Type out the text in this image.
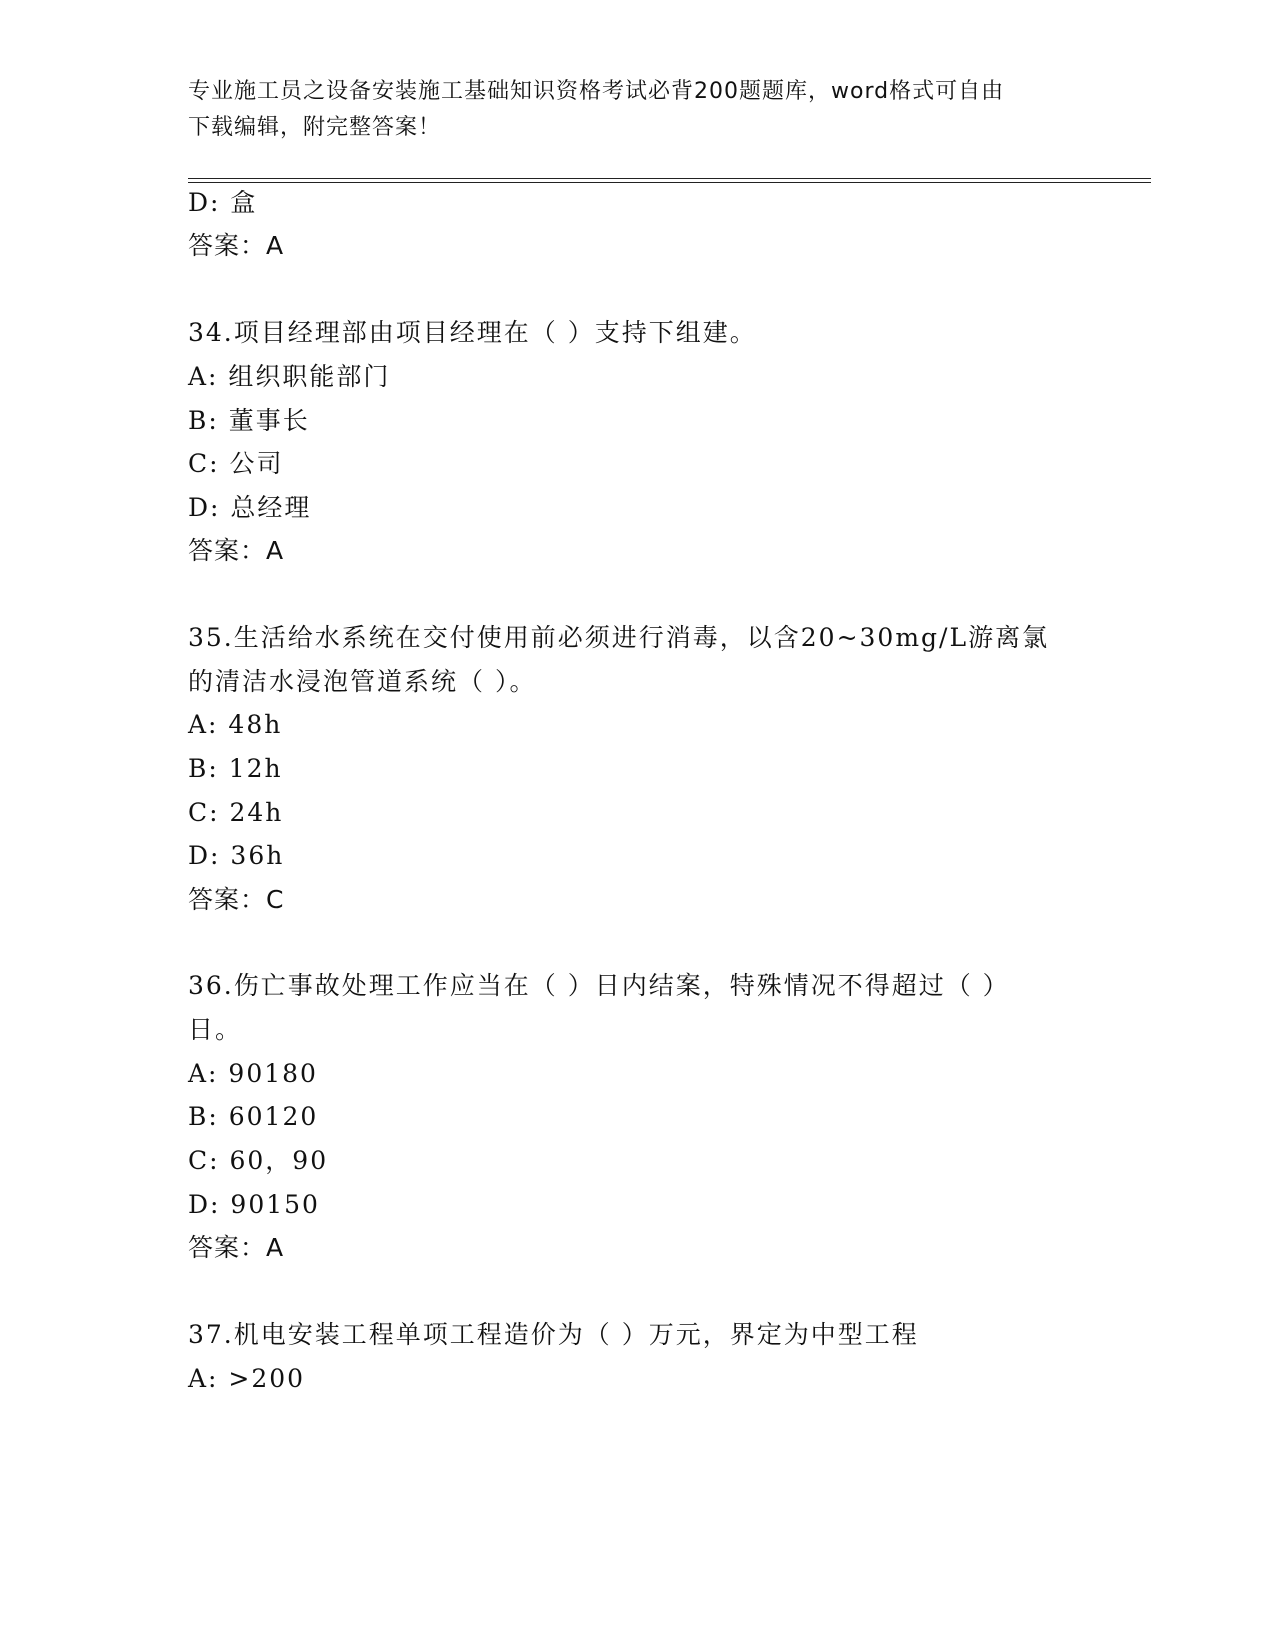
专业施工员之设备安装施工基础知识资格考试必背200题题库，word格式可自由
下载编辑，附完整答案！
D: 盒
答案：A
34.项目经理部由项目经理在（ ）支持下组建。
A: 组织职能部门
B: 董事长
C: 公司
D: 总经理
答案：A
35.生活给水系统在交付使用前必须进行消毒，以含20~30mg/L游离氯
的清洁水浸泡管道系统（ ）。
A: 48h
B: 12h
C: 24h
D: 36h
答案：C
36.伤亡事故处理工作应当在（ ）日内结案，特殊情况不得超过（ ）
日。
A: 90180
B: 60120
C: 60，90
D: 90150
答案：A
37.机电安装工程单项工程造价为（ ）万元，界定为中型工程
A: >200
